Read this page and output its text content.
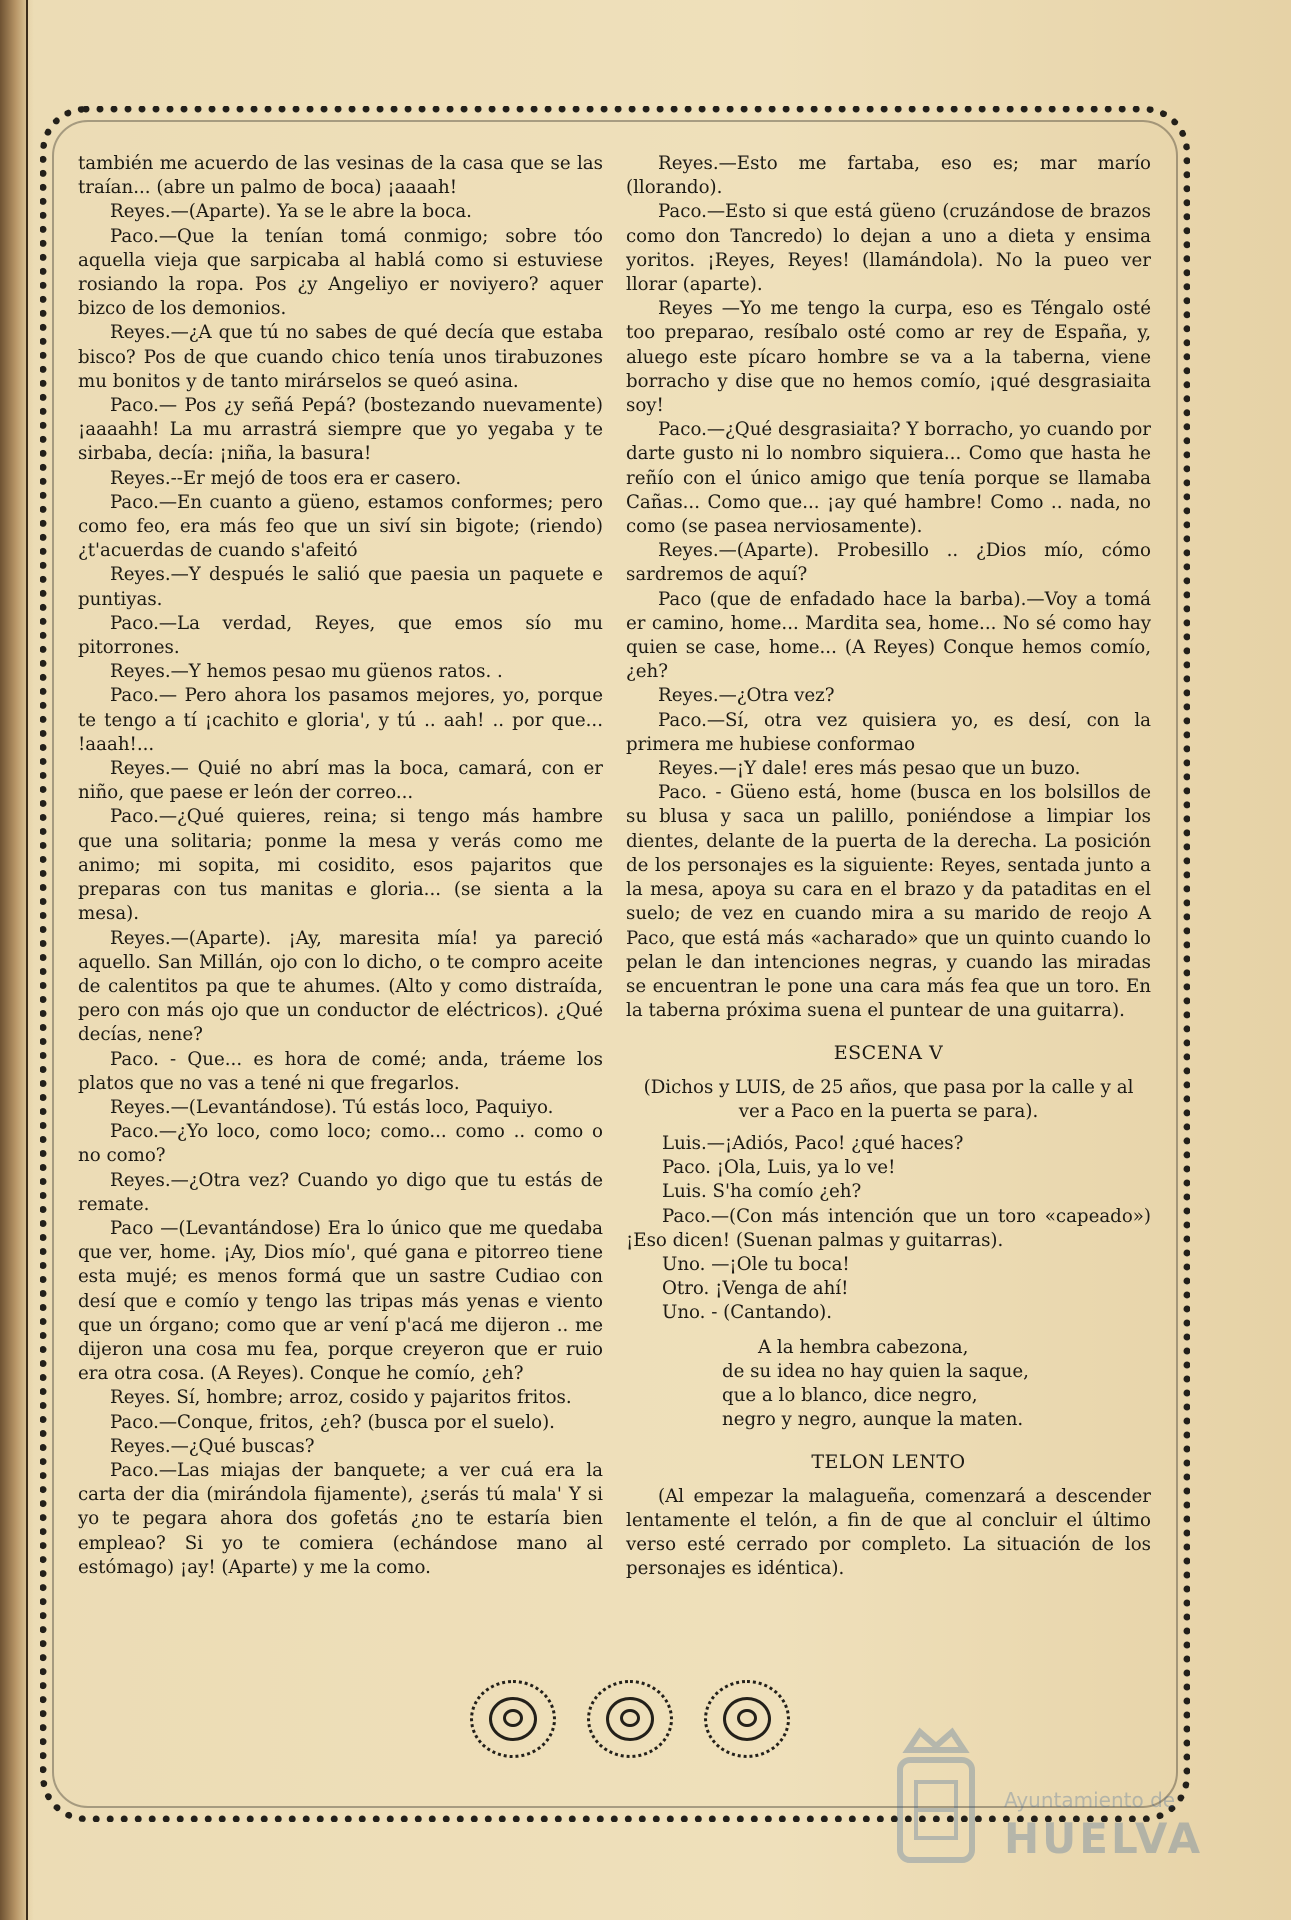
también me acuerdo de las vesinas de la casa que se las traían... (abre un palmo de boca) ¡aaaah!

Reyes.—(Aparte). Ya se le abre la boca.

Paco.—Que la tenían tomá conmigo; sobre tóo aquella vieja que sarpicaba al hablá como si estuviese rosiando la ropa. Pos ¿y Angeliyo er noviyero? aquer bizco de los demonios.

Reyes.—¿A que tú no sabes de qué decía que estaba bisco? Pos de que cuando chico tenía unos tirabuzones mu bonitos y de tanto mirárselos se queó asina.

Paco.— Pos ¿y señá Pepá? (bostezando nuevamente) ¡aaaahh! La mu arrastrá siempre que yo yegaba y te sirbaba, decía: ¡niña, la basura!

Reyes.--Er mejó de toos era er casero.

Paco.—En cuanto a güeno, estamos conformes; pero como feo, era más feo que un siví sin bigote; (riendo) ¿t'acuerdas de cuando s'afeitó

Reyes.—Y después le salió que paesia un paquete e puntiyas.

Paco.—La verdad, Reyes, que emos sío mu pitorrones.

Reyes.—Y hemos pesao mu güenos ratos. .

Paco.— Pero ahora los pasamos mejores, yo, porque te tengo a tí ¡cachito e gloria', y tú .. aah! .. por que... !aaah!...

Reyes.— Quié no abrí mas la boca, camará, con er niño, que paese er león der correo...

Paco.—¿Qué quieres, reina; si tengo más hambre que una solitaria; ponme la mesa y verás como me animo; mi sopita, mi cosidito, esos pajaritos que preparas con tus manitas e gloria... (se sienta a la mesa).

Reyes.—(Aparte). ¡Ay, maresita mía! ya pareció aquello. San Millán, ojo con lo dicho, o te compro aceite de calentitos pa que te ahumes. (Alto y como distraída, pero con más ojo que un conductor de eléctricos). ¿Qué decías, nene?

Paco. - Que... es hora de comé; anda, tráeme los platos que no vas a tené ni que fregarlos.

Reyes.—(Levantándose). Tú estás loco, Paquiyo.

Paco.—¿Yo loco, como loco; como... como .. como o no como?

Reyes.—¿Otra vez? Cuando yo digo que tu estás de remate.

Paco —(Levantándose) Era lo único que me quedaba que ver, home. ¡Ay, Dios mío', qué gana e pitorreo tiene esta mujé; es menos formá que un sastre Cudiao con desí que e comío y tengo las tripas más yenas e viento que un órgano; como que ar vení p'acá me dijeron .. me dijeron una cosa mu fea, porque creyeron que er ruio era otra cosa. (A Reyes). Conque he comío, ¿eh?

Reyes. Sí, hombre; arroz, cosido y pajaritos fritos.

Paco.—Conque, fritos, ¿eh? (busca por el suelo).

Reyes.—¿Qué buscas?

Paco.—Las miajas der banquete; a ver cuá era la carta der dia (mirándola fijamente), ¿serás tú mala' Y si yo te pegara ahora dos gofetás ¿no te estaría bien empleao? Si yo te comiera (echándose mano al estómago) ¡ay! (Aparte) y me la como.

Reyes.—Esto me fartaba, eso es; mar marío (llorando).

Paco.—Esto si que está güeno (cruzándose de brazos como don Tancredo) lo dejan a uno a dieta y ensima yoritos. ¡Reyes, Reyes! (llamándola). No la pueo ver llorar (aparte).

Reyes —Yo me tengo la curpa, eso es Téngalo osté too preparao, resíbalo osté como ar rey de España, y, aluego este pícaro hombre se va a la taberna, viene borracho y dise que no hemos comío, ¡qué desgrasiaita soy!

Paco.—¿Qué desgrasiaita? Y borracho, yo cuando por darte gusto ni lo nombro siquiera... Como que hasta he reñío con el único amigo que tenía porque se llamaba Cañas... Como que... ¡ay qué hambre! Como .. nada, no como (se pasea nerviosamente).

Reyes.—(Aparte). Probesillo .. ¿Dios mío, cómo sardremos de aquí?

Paco (que de enfadado hace la barba).—Voy a tomá er camino, home... Mardita sea, home... No sé como hay quien se case, home... (A Reyes) Conque hemos comío, ¿eh?

Reyes.—¿Otra vez?

Paco.—Sí, otra vez quisiera yo, es desí, con la primera me hubiese conformao

Reyes.—¡Y dale! eres más pesao que un buzo.

Paco. - Güeno está, home (busca en los bolsillos de su blusa y saca un palillo, poniéndose a limpiar los dientes, delante de la puerta de la derecha. La posición de los personajes es la siguiente: Reyes, sentada junto a la mesa, apoya su cara en el brazo y da pataditas en el suelo; de vez en cuando mira a su marido de reojo A Paco, que está más «acharado» que un quinto cuando lo pelan le dan intenciones negras, y cuando las miradas se encuentran le pone una cara más fea que un toro. En la taberna próxima suena el puntear de una guitarra).

ESCENA V

(Dichos y LUIS, de 25 años, que pasa por la calle y al ver a Paco en la puerta se para).

Luis.—¡Adiós, Paco! ¿qué haces?

Paco. ¡Ola, Luis, ya lo ve!

Luis. S'ha comío ¿eh?

Paco.—(Con más intención que un toro «capeado») ¡Eso dicen! (Suenan palmas y guitarras).

Uno. —¡Ole tu boca!

Otro. ¡Venga de ahí!

Uno. - (Cantando).

A la hembra cabezona,
de su idea no hay quien la saque,
que a lo blanco, dice negro,
negro y negro, aunque la maten.
TELON LENTO

(Al empezar la malagueña, comenzará a descender lentamente el telón, a fin de que al concluir el último verso esté cerrado por completo. La situación de los personajes es idéntica).

Ayuntamiento de
HUELVA
